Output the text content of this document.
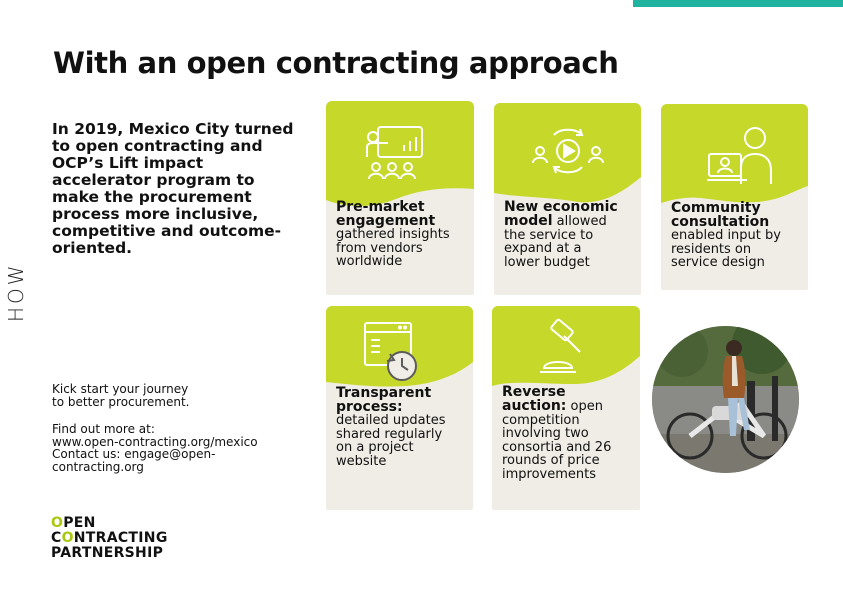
With an open contracting approach
HOW

In 2019, Mexico City turned
to open contracting and
OCP’s Lift impact
accelerator program to
make the procurement
process more inclusive,
competitive and outcome-
oriented.

Kick start your journey
to better procurement.
Find out more at:
www.open-contracting.org/mexico
Contact us: engage@open-
contracting.org
OPEN
CONTRACTING
PARTNERSHIP
Pre-market
engagement
gathered insights
from vendors
worldwide
New economic
model allowed
the service to
expand at a
lower budget
Community
consultation
enabled input by
residents on
service design
Transparent
process:
detailed updates
shared regularly
on a project
website
Reverse
auction: open
competition
involving two
consortia and 26
rounds of price
improvements
